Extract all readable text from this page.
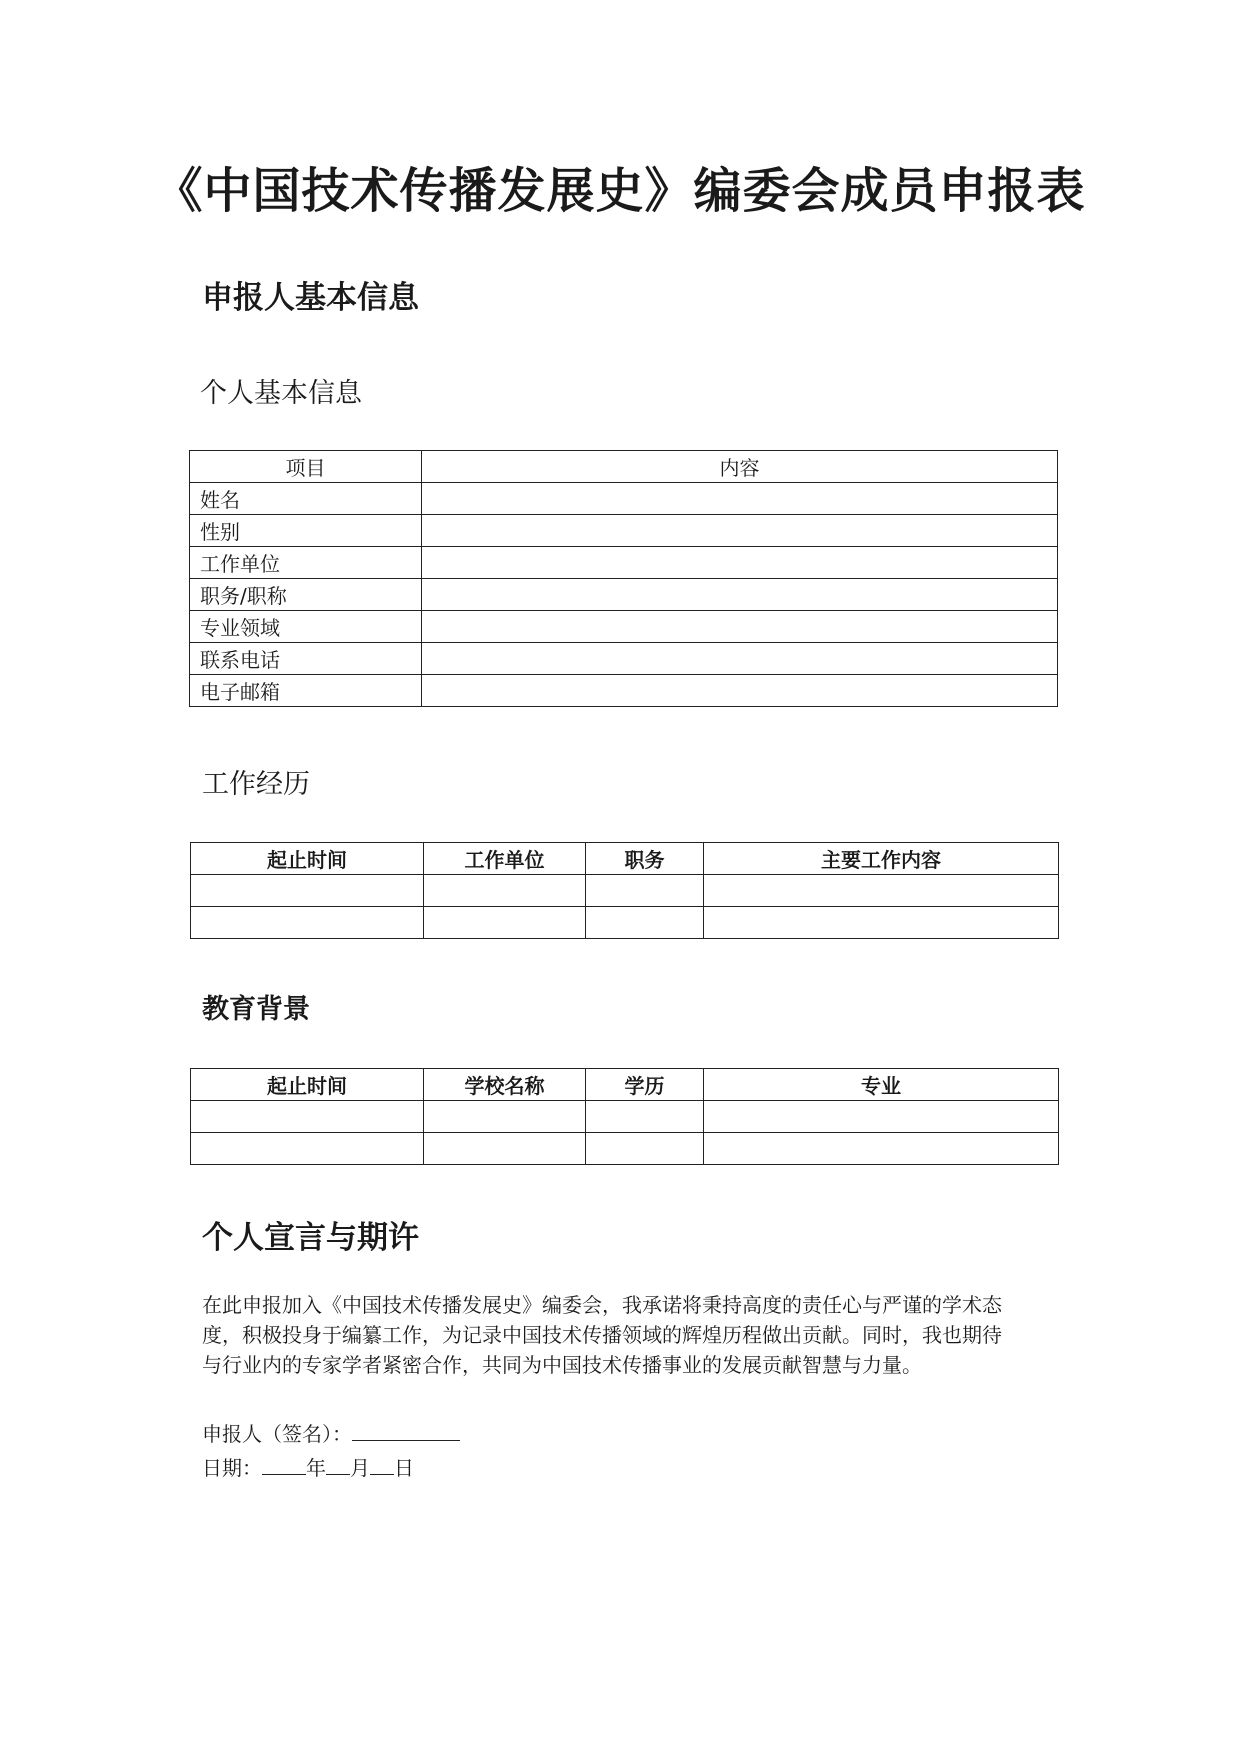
《中国技术传播发展史》编委会成员申报表
申报人基本信息
个人基本信息
项目	内容
姓名	
性别	
工作单位	
职务/职称	
专业领域	
联系电话	
电子邮箱	
工作经历
起止时间	工作单位	职务	主要工作内容

教育背景
起止时间	学校名称	学历	专业

个人宣言与期许
在此申报加入《中国技术传播发展史》编委会，我承诺将秉持高度的责任心与严谨的学术态
度，积极投身于编纂工作，为记录中国技术传播领域的辉煌历程做出贡献。同时，我也期待
与行业内的专家学者紧密合作，共同为中国技术传播事业的发展贡献智慧与力量。
申报人（签名）：
日期： 年 月 日
